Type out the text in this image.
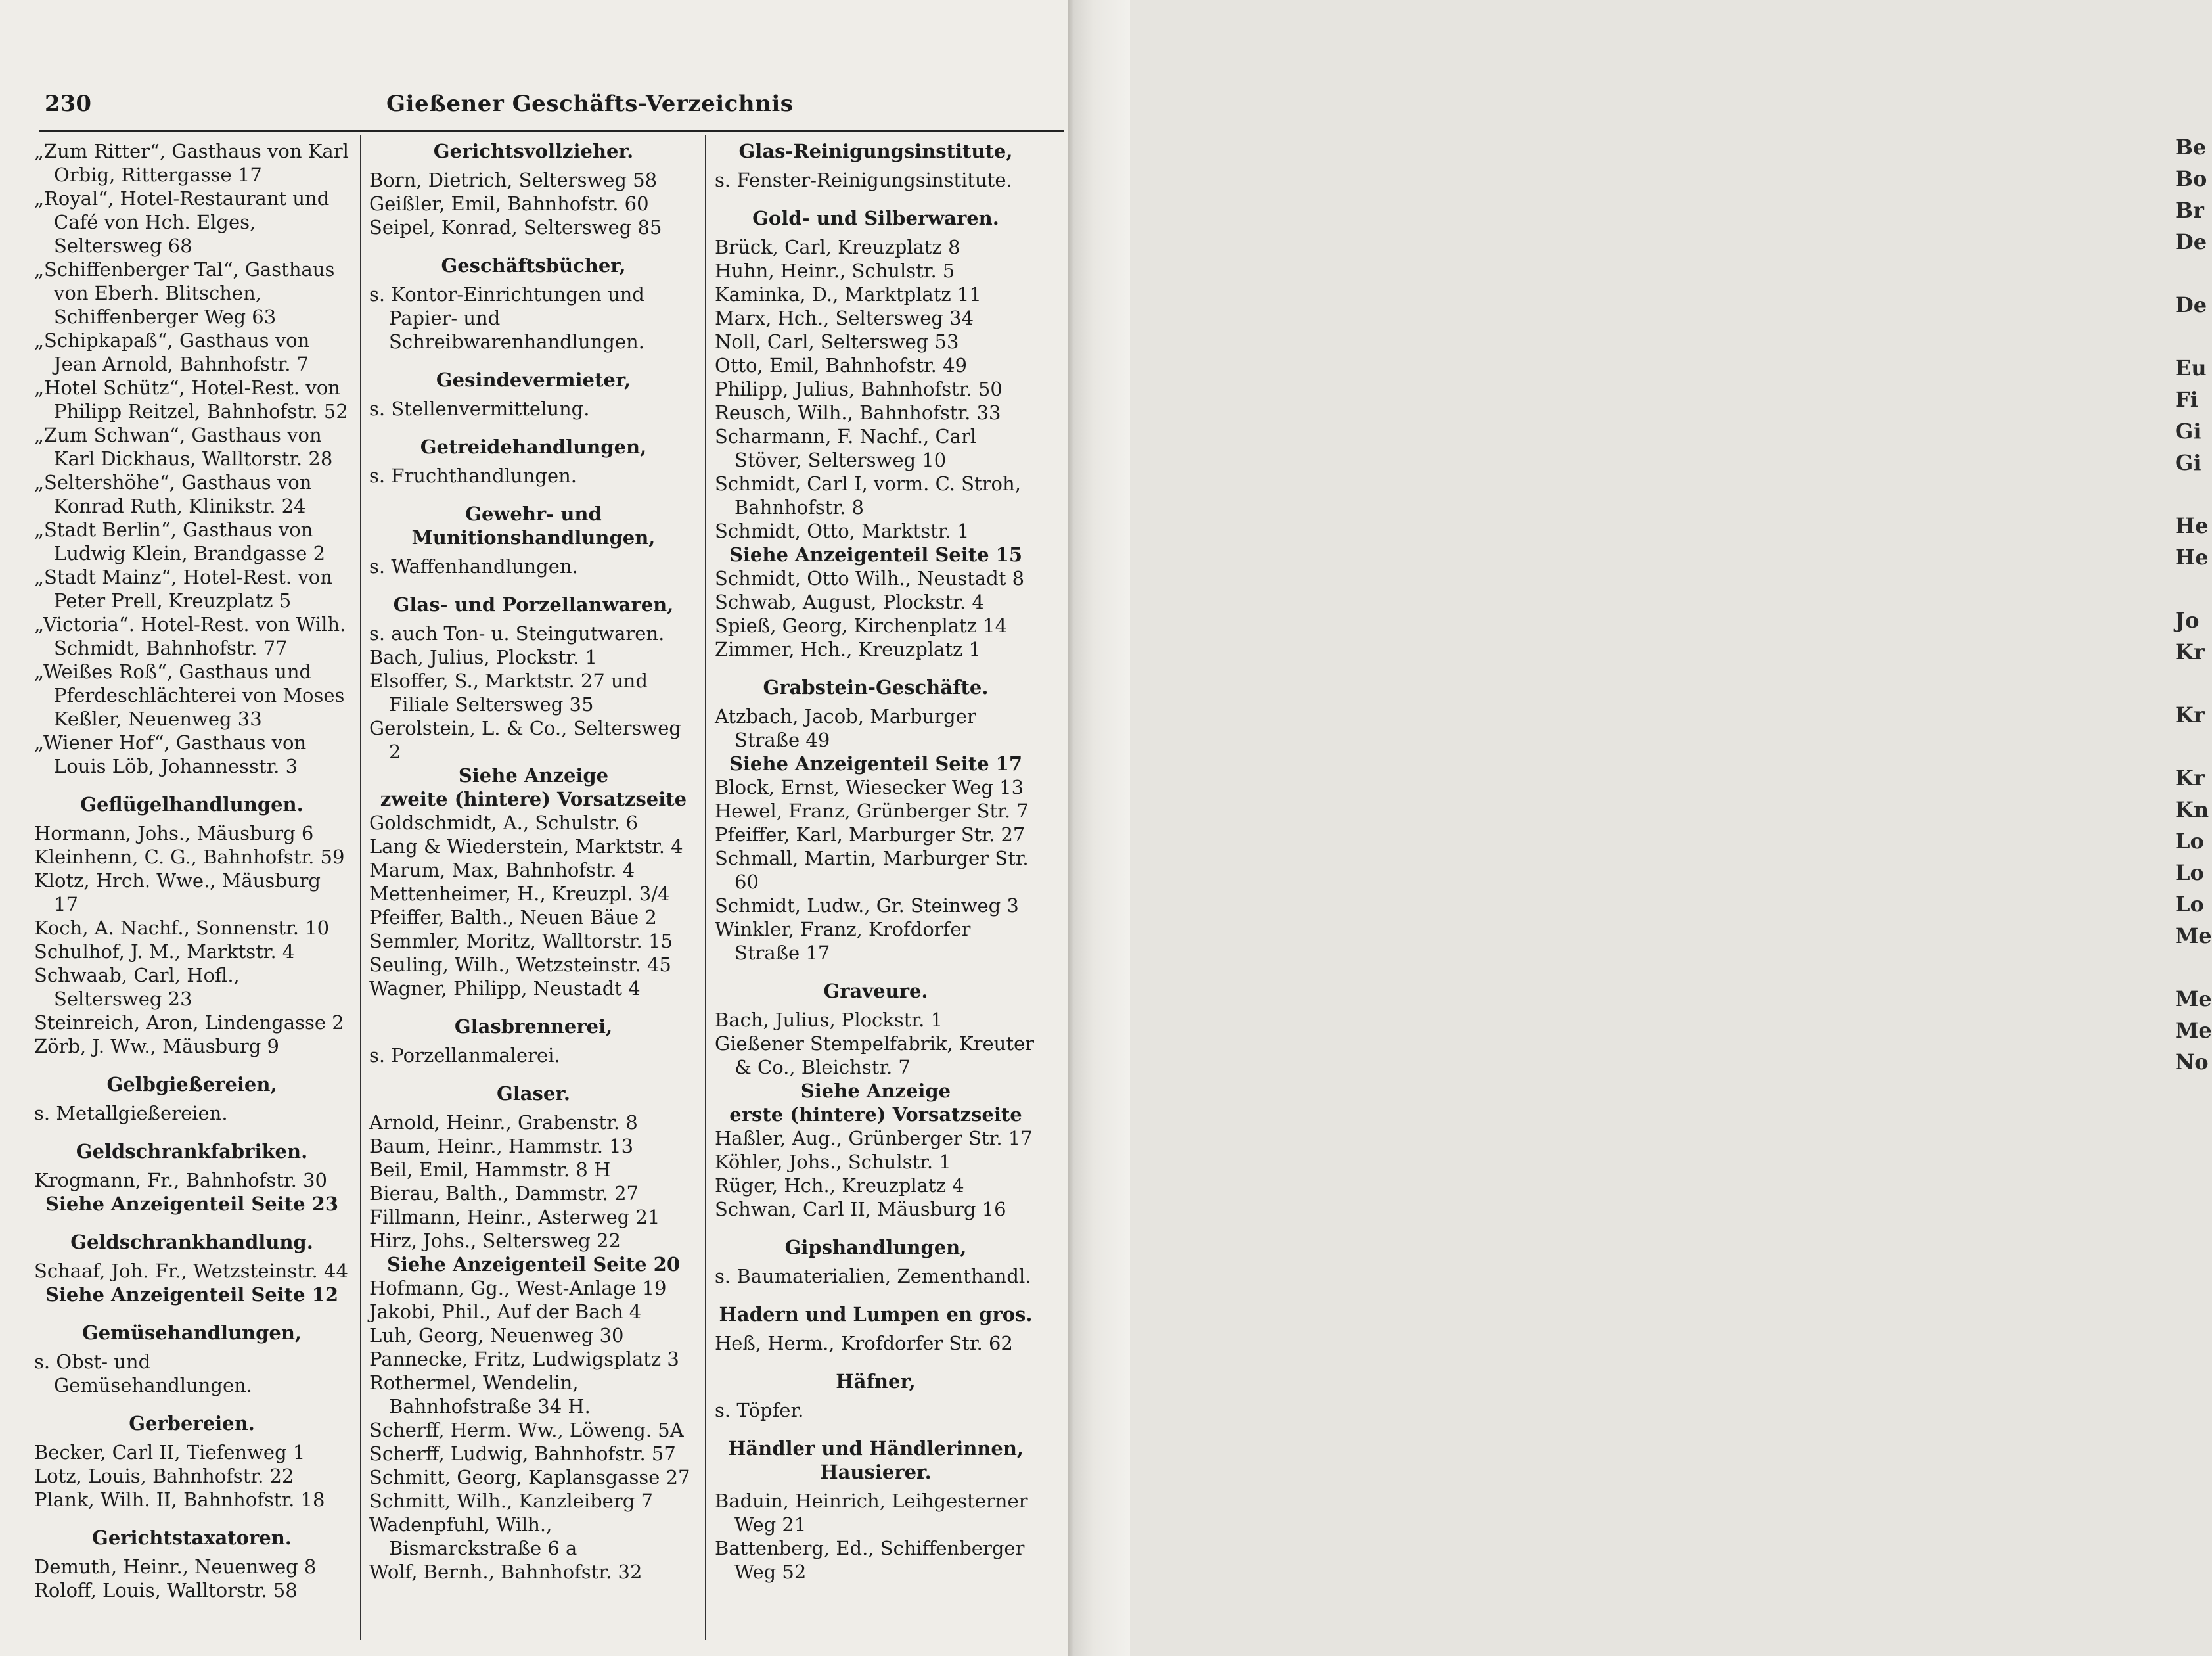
230	Gießener Geschäfts-Verzeichnis

„Zum Ritter“, Gasthaus von Karl Orbig, Rittergasse 17

„Royal“, Hotel-Restaurant und Café von Hch. Elges, Seltersweg 68

„Schiffenberger Tal“, Gasthaus von Eberh. Blitschen, Schiffenberger Weg 63

„Schipkapaß“, Gasthaus von Jean Arnold, Bahnhofstr. 7

„Hotel Schütz“, Hotel-Rest. von Philipp Reitzel, Bahnhofstr. 52

„Zum Schwan“, Gasthaus von Karl Dickhaus, Walltorstr. 28

„Seltershöhe“, Gasthaus von Konrad Ruth, Klinikstr. 24

„Stadt Berlin“, Gasthaus von Ludwig Klein, Brandgasse 2

„Stadt Mainz“, Hotel-Rest. von Peter Prell, Kreuzplatz 5

„Victoria“. Hotel-Rest. von Wilh. Schmidt, Bahnhofstr. 77

„Weißes Roß“, Gasthaus und Pferdeschlächterei von Moses Keßler, Neuenweg 33

„Wiener Hof“, Gasthaus von Louis Löb, Johannesstr. 3

Geflügelhandlungen.

Hormann, Johs., Mäusburg 6

Kleinhenn, C. G., Bahnhofstr. 59

Klotz, Hrch. Wwe., Mäusburg 17

Koch, A. Nachf., Sonnenstr. 10

Schulhof, J. M., Marktstr. 4

Schwaab, Carl, Hofl., Seltersweg 23

Steinreich, Aron, Lindengasse 2

Zörb, J. Ww., Mäusburg 9

Gelbgießereien,

s. Metallgießereien.

Geldschrankfabriken.

Krogmann, Fr., Bahnhofstr. 30

Siehe Anzeigenteil Seite 23

Geldschrankhandlung.

Schaaf, Joh. Fr., Wetzsteinstr. 44

Siehe Anzeigenteil Seite 12

Gemüsehandlungen,

s. Obst- und Gemüsehandlungen.

Gerbereien.

Becker, Carl II, Tiefenweg 1

Lotz, Louis, Bahnhofstr. 22

Plank, Wilh. II, Bahnhofstr. 18

Gerichtstaxatoren.

Demuth, Heinr., Neuenweg 8

Roloff, Louis, Walltorstr. 58

Gerichtsvollzieher.

Born, Dietrich, Seltersweg 58

Geißler, Emil, Bahnhofstr. 60

Seipel, Konrad, Seltersweg 85

Geschäftsbücher,

s. Kontor-Einrichtungen und Papier- und Schreibwarenhandlungen.

Gesindevermieter,

s. Stellenvermittelung.

Getreidehandlungen,

s. Fruchthandlungen.

Gewehr- und Munitionshandlungen,

s. Waffenhandlungen.

Glas- und Porzellanwaren,

s. auch Ton- u. Steingutwaren.

Bach, Julius, Plockstr. 1

Elsoffer, S., Marktstr. 27 und Filiale Seltersweg 35

Gerolstein, L. & Co., Seltersweg 2

Siehe Anzeige

zweite (hintere) Vorsatzseite

Goldschmidt, A., Schulstr. 6

Lang & Wiederstein, Marktstr. 4

Marum, Max, Bahnhofstr. 4

Mettenheimer, H., Kreuzpl. 3/4

Pfeiffer, Balth., Neuen Bäue 2

Semmler, Moritz, Walltorstr. 15

Seuling, Wilh., Wetzsteinstr. 45

Wagner, Philipp, Neustadt 4

Glasbrennerei,

s. Porzellanmalerei.

Glaser.

Arnold, Heinr., Grabenstr. 8

Baum, Heinr., Hammstr. 13

Beil, Emil, Hammstr. 8 H

Bierau, Balth., Dammstr. 27

Fillmann, Heinr., Asterweg 21

Hirz, Johs., Seltersweg 22

Siehe Anzeigenteil Seite 20

Hofmann, Gg., West-Anlage 19

Jakobi, Phil., Auf der Bach 4

Luh, Georg, Neuenweg 30

Pannecke, Fritz, Ludwigsplatz 3

Rothermel, Wendelin, Bahnhofstraße 34 H.

Scherff, Herm. Ww., Löweng. 5A

Scherff, Ludwig, Bahnhofstr. 57

Schmitt, Georg, Kaplansgasse 27

Schmitt, Wilh., Kanzleiberg 7

Wadenpfuhl, Wilh., Bismarckstraße 6 a

Wolf, Bernh., Bahnhofstr. 32

Glas-Reinigungsinstitute,

s. Fenster-Reinigungsinstitute.

Gold- und Silberwaren.

Brück, Carl, Kreuzplatz 8

Huhn, Heinr., Schulstr. 5

Kaminka, D., Marktplatz 11

Marx, Hch., Seltersweg 34

Noll, Carl, Seltersweg 53

Otto, Emil, Bahnhofstr. 49

Philipp, Julius, Bahnhofstr. 50

Reusch, Wilh., Bahnhofstr. 33

Scharmann, F. Nachf., Carl Stöver, Seltersweg 10

Schmidt, Carl I, vorm. C. Stroh, Bahnhofstr. 8

Schmidt, Otto, Marktstr. 1

Siehe Anzeigenteil Seite 15

Schmidt, Otto Wilh., Neustadt 8

Schwab, August, Plockstr. 4

Spieß, Georg, Kirchenplatz 14

Zimmer, Hch., Kreuzplatz 1

Grabstein-Geschäfte.

Atzbach, Jacob, Marburger Straße 49

Siehe Anzeigenteil Seite 17

Block, Ernst, Wiesecker Weg 13

Hewel, Franz, Grünberger Str. 7

Pfeiffer, Karl, Marburger Str. 27

Schmall, Martin, Marburger Str. 60

Schmidt, Ludw., Gr. Steinweg 3

Winkler, Franz, Krofdorfer Straße 17

Graveure.

Bach, Julius, Plockstr. 1

Gießener Stempelfabrik, Kreuter & Co., Bleichstr. 7

Siehe Anzeige

erste (hintere) Vorsatzseite

Haßler, Aug., Grünberger Str. 17

Köhler, Johs., Schulstr. 1

Rüger, Hch., Kreuzplatz 4

Schwan, Carl II, Mäusburg 16

Gipshandlungen,

s. Baumaterialien, Zementhandl.

Hadern und Lumpen en gros.

Heß, Herm., Krofdorfer Str. 62

Häfner,

s. Töpfer.

Händler und Händlerinnen, Hausierer.

Baduin, Heinrich, Leihgesterner Weg 21

Battenberg, Ed., Schiffenberger Weg 52

Be
Bo
Br
De
De
Eu
Fi
Gi
Gi
He
He
Jo
Kr
Kr
Kr
Kn
Lo
Lo
Lo
Me
Me
Me
No
